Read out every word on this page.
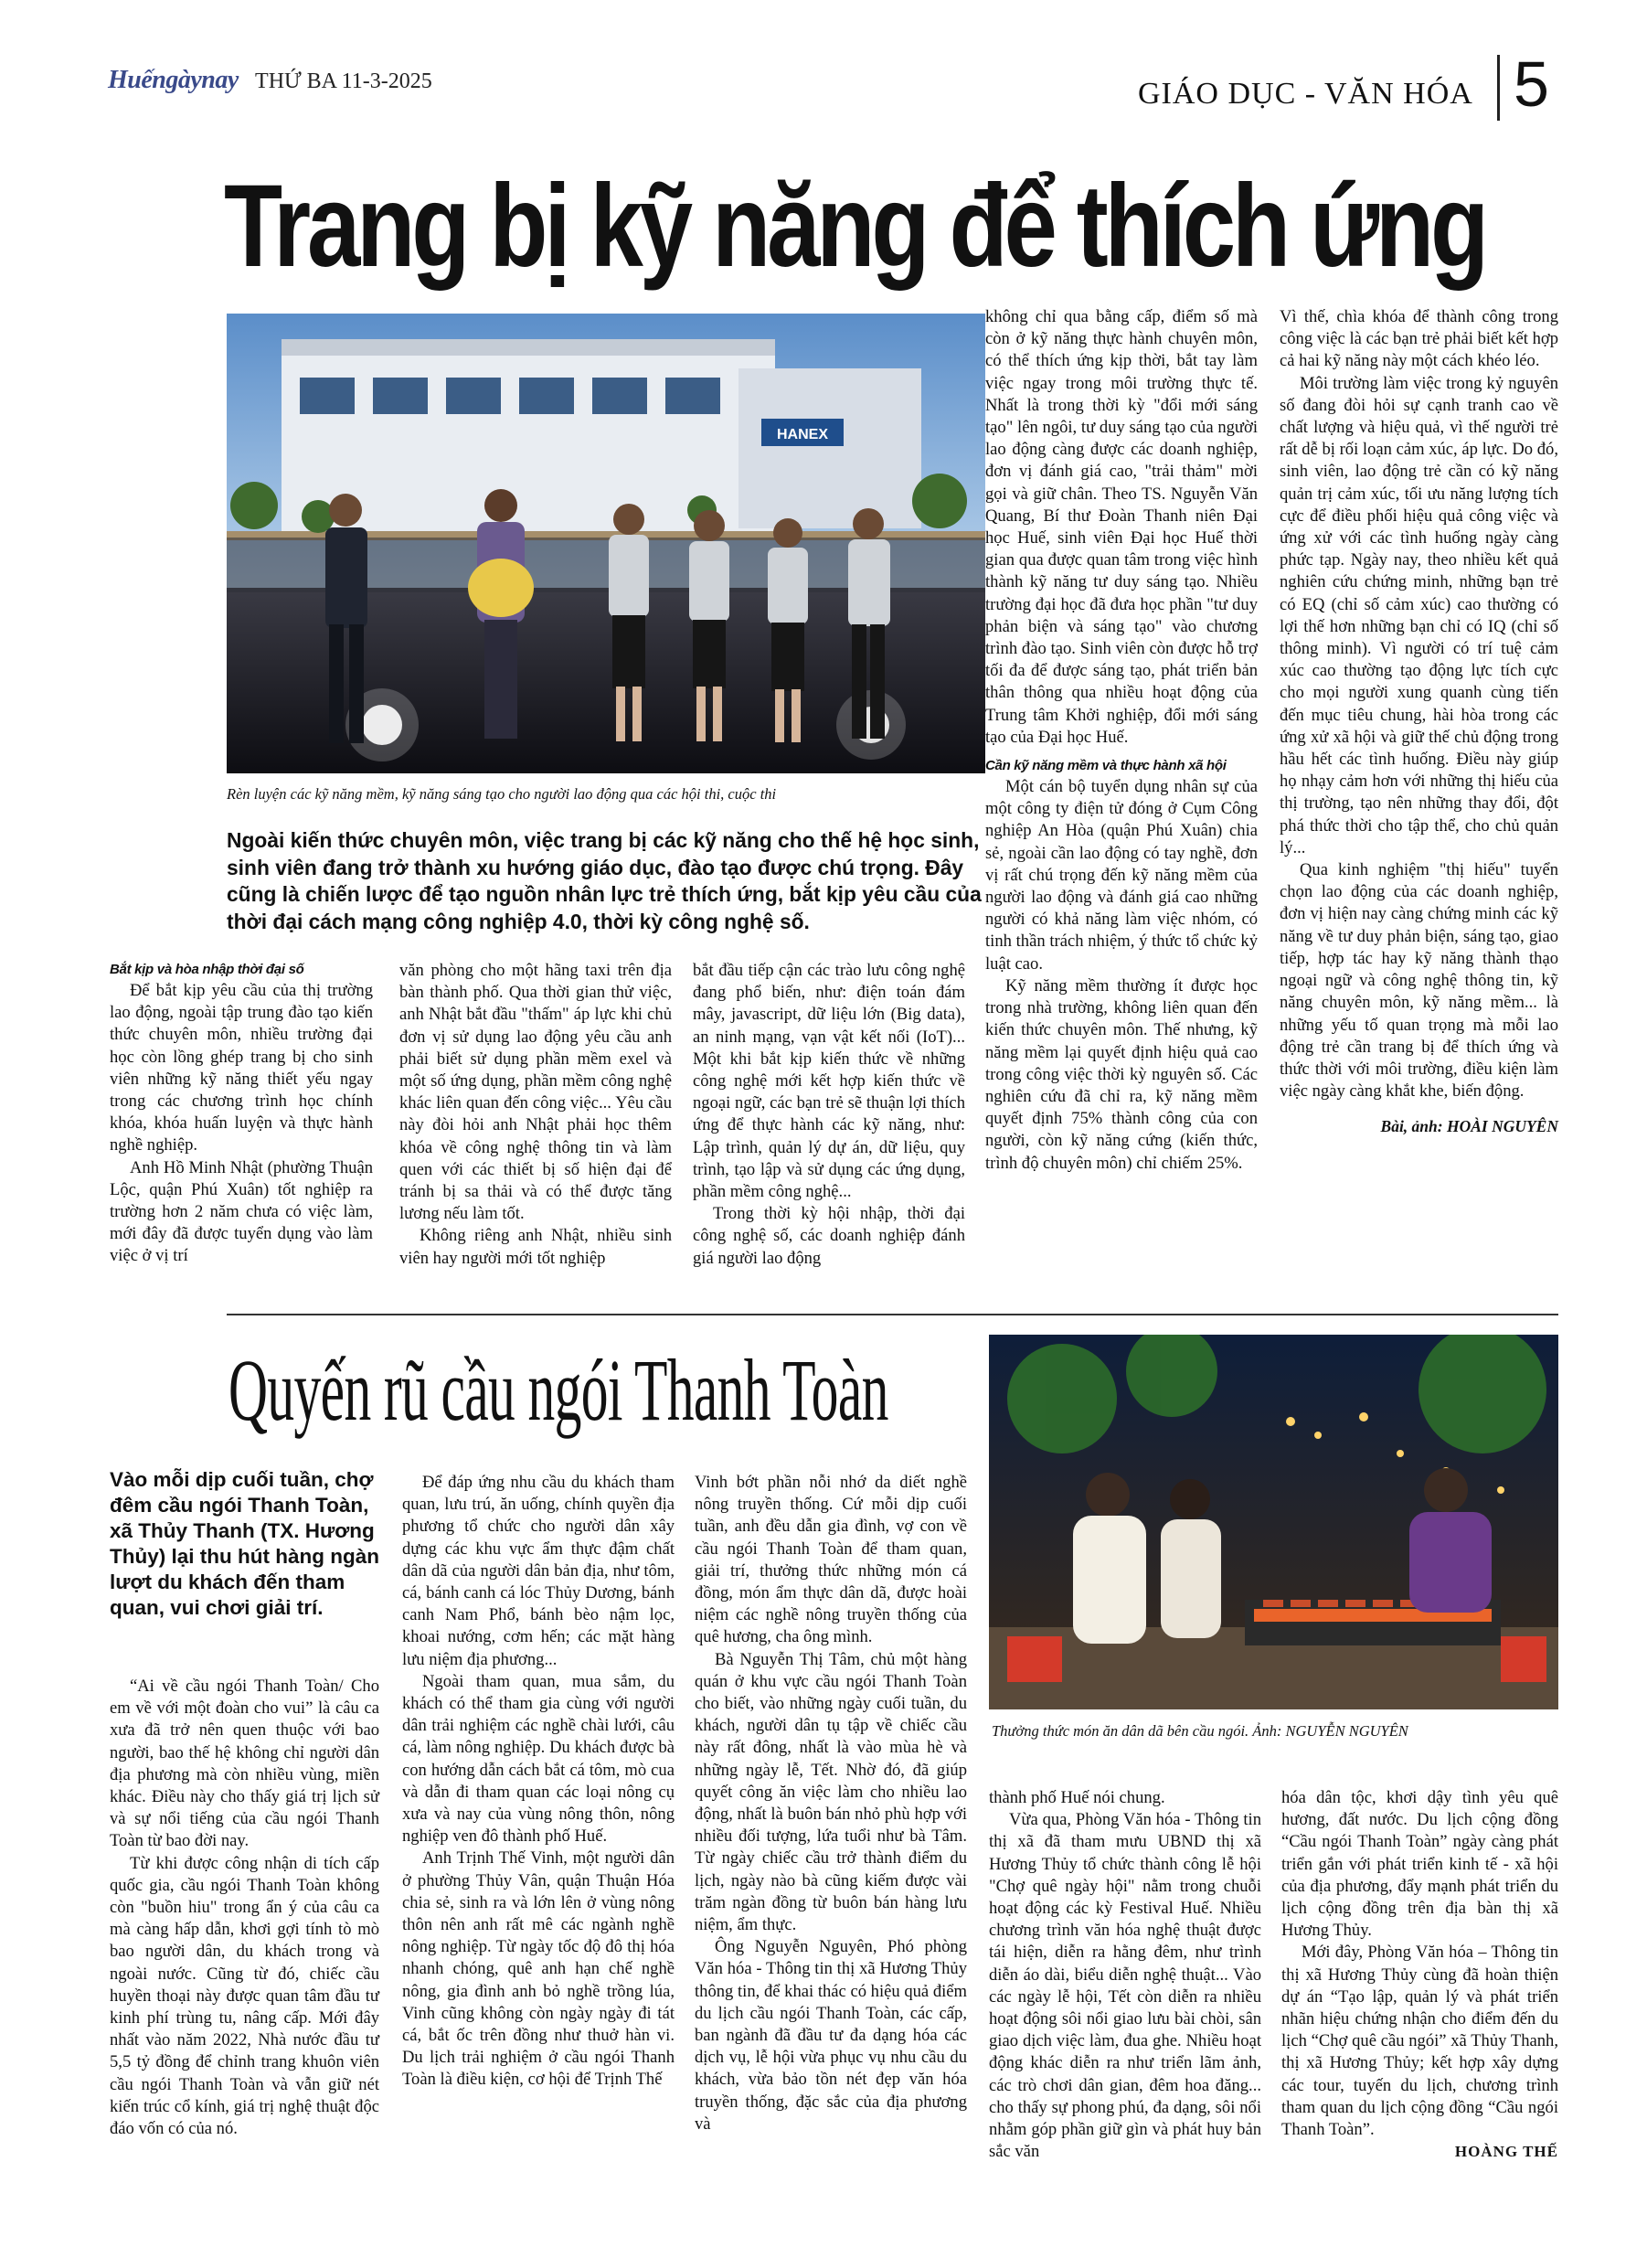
Huếngàynay THỨ BA 11-3-2025	GIÁO DỤC - VĂN HÓA 5
Trang bị kỹ năng để thích ứng
HANEX
Rèn luyện các kỹ năng mềm, kỹ năng sáng tạo cho người lao động qua các hội thi, cuộc thi
Ngoài kiến thức chuyên môn, việc trang bị các kỹ năng cho thế hệ học sinh, sinh viên đang trở thành xu hướng giáo dục, đào tạo được chú trọng. Đây cũng là chiến lược để tạo nguồn nhân lực trẻ thích ứng, bắt kịp yêu cầu của thời đại cách mạng công nghiệp 4.0, thời kỳ công nghệ số.

Bắt kịp và hòa nhập thời đại số

Để bắt kịp yêu cầu của thị trường lao động, ngoài tập trung đào tạo kiến thức chuyên môn, nhiều trường đại học còn lồng ghép trang bị cho sinh viên những kỹ năng thiết yếu ngay trong các chương trình học chính khóa, khóa huấn luyện và thực hành nghề nghiệp.

Anh Hồ Minh Nhật (phường Thuận Lộc, quận Phú Xuân) tốt nghiệp ra trường hơn 2 năm chưa có việc làm, mới đây đã được tuyển dụng vào làm việc ở vị trí

văn phòng cho một hãng taxi trên địa bàn thành phố. Qua thời gian thử việc, anh Nhật bắt đầu "thấm" áp lực khi chủ đơn vị sử dụng lao động yêu cầu anh phải biết sử dụng phần mềm exel và một số ứng dụng, phần mềm công nghệ khác liên quan đến công việc... Yêu cầu này đòi hỏi anh Nhật phải học thêm khóa về công nghệ thông tin và làm quen với các thiết bị số hiện đại để tránh bị sa thải và có thể được tăng lương nếu làm tốt.

Không riêng anh Nhật, nhiều sinh viên hay người mới tốt nghiệp

bắt đầu tiếp cận các trào lưu công nghệ đang phổ biến, như: điện toán đám mây, javascript, dữ liệu lớn (Big data), an ninh mạng, vạn vật kết nối (IoT)... Một khi bắt kịp kiến thức về những công nghệ mới kết hợp kiến thức về ngoại ngữ, các bạn trẻ sẽ thuận lợi thích ứng để thực hành các kỹ năng, như: Lập trình, quản lý dự án, dữ liệu, quy trình, tạo lập và sử dụng các ứng dụng, phần mềm công nghệ...

Trong thời kỳ hội nhập, thời đại công nghệ số, các doanh nghiệp đánh giá người lao động

không chỉ qua bằng cấp, điểm số mà còn ở kỹ năng thực hành chuyên môn, có thể thích ứng kịp thời, bắt tay làm việc ngay trong môi trường thực tế. Nhất là trong thời kỳ "đổi mới sáng tạo" lên ngôi, tư duy sáng tạo của người lao động càng được các doanh nghiệp, đơn vị đánh giá cao, "trải thảm" mời gọi và giữ chân. Theo TS. Nguyễn Văn Quang, Bí thư Đoàn Thanh niên Đại học Huế, sinh viên Đại học Huế thời gian qua được quan tâm trong việc hình thành kỹ năng tư duy sáng tạo. Nhiều trường đại học đã đưa học phần "tư duy phản biện và sáng tạo" vào chương trình đào tạo. Sinh viên còn được hỗ trợ tối đa để được sáng tạo, phát triển bản thân thông qua nhiều hoạt động của Trung tâm Khởi nghiệp, đổi mới sáng tạo của Đại học Huế.

Cần kỹ năng mềm và thực hành xã hội

Một cán bộ tuyển dụng nhân sự của một công ty điện tử đóng ở Cụm Công nghiệp An Hòa (quận Phú Xuân) chia sẻ, ngoài cần lao động có tay nghề, đơn vị rất chú trọng đến kỹ năng mềm của người lao động và đánh giá cao những người có khả năng làm việc nhóm, có tinh thần trách nhiệm, ý thức tổ chức kỷ luật cao.

Kỹ năng mềm thường ít được học trong nhà trường, không liên quan đến kiến thức chuyên môn. Thế nhưng, kỹ năng mềm lại quyết định hiệu quả cao trong công việc thời kỳ nguyên số. Các nghiên cứu đã chỉ ra, kỹ năng mềm quyết định 75% thành công của con người, còn kỹ năng cứng (kiến thức, trình độ chuyên môn) chỉ chiếm 25%.

Vì thế, chìa khóa để thành công trong công việc là các bạn trẻ phải biết kết hợp cả hai kỹ năng này một cách khéo léo.

Môi trường làm việc trong kỷ nguyên số đang đòi hỏi sự cạnh tranh cao về chất lượng và hiệu quả, vì thế người trẻ rất dễ bị rối loạn cảm xúc, áp lực. Do đó, sinh viên, lao động trẻ cần có kỹ năng quản trị cảm xúc, tối ưu năng lượng tích cực để điều phối hiệu quả công việc và ứng xử với các tình huống ngày càng phức tạp. Ngày nay, theo nhiều kết quả nghiên cứu chứng minh, những bạn trẻ có EQ (chỉ số cảm xúc) cao thường có lợi thế hơn những bạn chỉ có IQ (chỉ số thông minh). Vì người có trí tuệ cảm xúc cao thường tạo động lực tích cực cho mọi người xung quanh cùng tiến đến mục tiêu chung, hài hòa trong các ứng xử xã hội và giữ thế chủ động trong hầu hết các tình huống. Điều này giúp họ nhạy cảm hơn với những thị hiếu của thị trường, tạo nên những thay đổi, đột phá thức thời cho tập thể, cho chủ quản lý...

Qua kinh nghiệm "thị hiếu" tuyển chọn lao động của các doanh nghiệp, đơn vị hiện nay càng chứng minh các kỹ năng về tư duy phản biện, sáng tạo, giao tiếp, hợp tác hay kỹ năng thành thạo ngoại ngữ và công nghệ thông tin, kỹ năng chuyên môn, kỹ năng mềm... là những yếu tố quan trọng mà mỗi lao động trẻ cần trang bị để thích ứng và thức thời với môi trường, điều kiện làm việc ngày càng khắt khe, biến động.

Bài, ảnh: HOÀI NGUYÊN

Quyến rũ cầu ngói Thanh Toàn
Thưởng thức món ăn dân dã bên cầu ngói. Ảnh: NGUYỄN NGUYÊN
Vào mỗi dịp cuối tuần, chợ đêm cầu ngói Thanh Toàn, xã Thủy Thanh (TX. Hương Thủy) lại thu hút hàng ngàn lượt du khách đến tham quan, vui chơi giải trí.

“Ai về cầu ngói Thanh Toàn/ Cho em về với một đoàn cho vui” là câu ca xưa đã trở nên quen thuộc với bao người, bao thế hệ không chỉ người dân địa phương mà còn nhiều vùng, miền khác. Điều này cho thấy giá trị lịch sử và sự nổi tiếng của cầu ngói Thanh Toàn từ bao đời nay.

Từ khi được công nhận di tích cấp quốc gia, cầu ngói Thanh Toàn không còn "buồn hiu" trong ẩn ý của câu ca mà càng hấp dẫn, khơi gợi tính tò mò bao người dân, du khách trong và ngoài nước. Cũng từ đó, chiếc cầu huyền thoại này được quan tâm đầu tư kinh phí trùng tu, nâng cấp. Mới đây nhất vào năm 2022, Nhà nước đầu tư 5,5 tỷ đồng để chỉnh trang khuôn viên cầu ngói Thanh Toàn và vẫn giữ nét kiến trúc cổ kính, giá trị nghệ thuật độc đáo vốn có của nó.

Để đáp ứng nhu cầu du khách tham quan, lưu trú, ăn uống, chính quyền địa phương tổ chức cho người dân xây dựng các khu vực ẩm thực đậm chất dân dã của người dân bản địa, như tôm, cá, bánh canh cá lóc Thủy Dương, bánh canh Nam Phổ, bánh bèo nậm lọc, khoai nướng, cơm hến; các mặt hàng lưu niệm địa phương...

Ngoài tham quan, mua sắm, du khách có thể tham gia cùng với người dân trải nghiệm các nghề chài lưới, câu cá, làm nông nghiệp. Du khách được bà con hướng dẫn cách bắt cá tôm, mò cua và dẫn đi tham quan các loại nông cụ xưa và nay của vùng nông thôn, nông nghiệp ven đô thành phố Huế.

Anh Trịnh Thế Vinh, một người dân ở phường Thủy Vân, quận Thuận Hóa chia sẻ, sinh ra và lớn lên ở vùng nông thôn nên anh rất mê các ngành nghề nông nghiệp. Từ ngày tốc độ đô thị hóa nhanh chóng, quê anh hạn chế nghề nông, gia đình anh bỏ nghề trồng lúa, Vinh cũng không còn ngày ngày đi tát cá, bắt ốc trên đồng như thuở hàn vi. Du lịch trải nghiệm ở cầu ngói Thanh Toàn là điều kiện, cơ hội để Trịnh Thế

Vinh bớt phần nỗi nhớ da diết nghề nông truyền thống. Cứ mỗi dịp cuối tuần, anh đều dẫn gia đình, vợ con về cầu ngói Thanh Toàn để tham quan, giải trí, thưởng thức những món cá đồng, món ẩm thực dân dã, được hoài niệm các nghề nông truyền thống của quê hương, cha ông mình.

Bà Nguyễn Thị Tâm, chủ một hàng quán ở khu vực cầu ngói Thanh Toàn cho biết, vào những ngày cuối tuần, du khách, người dân tụ tập về chiếc cầu này rất đông, nhất là vào mùa hè và những ngày lễ, Tết. Nhờ đó, đã giúp quyết công ăn việc làm cho nhiều lao động, nhất là buôn bán nhỏ phù hợp với nhiều đối tượng, lứa tuổi như bà Tâm. Từ ngày chiếc cầu trở thành điểm du lịch, ngày nào bà cũng kiếm được vài trăm ngàn đồng từ buôn bán hàng lưu niệm, ẩm thực.

Ông Nguyễn Nguyên, Phó phòng Văn hóa - Thông tin thị xã Hương Thủy thông tin, để khai thác có hiệu quả điểm du lịch cầu ngói Thanh Toàn, các cấp, ban ngành đã đầu tư đa dạng hóa các dịch vụ, lễ hội vừa phục vụ nhu cầu du khách, vừa bảo tồn nét đẹp văn hóa truyền thống, đặc sắc của địa phương và

thành phố Huế nói chung.

Vừa qua, Phòng Văn hóa - Thông tin thị xã đã tham mưu UBND thị xã Hương Thủy tổ chức thành công lễ hội "Chợ quê ngày hội" nằm trong chuỗi hoạt động các kỳ Festival Huế. Nhiều chương trình văn hóa nghệ thuật được tái hiện, diễn ra hằng đêm, như trình diễn áo dài, biểu diễn nghệ thuật... Vào các ngày lễ hội, Tết còn diễn ra nhiều hoạt động sôi nổi giao lưu bài chòi, sân giao dịch việc làm, đua ghe. Nhiều hoạt động khác diễn ra như triển lãm ảnh, các trò chơi dân gian, đêm hoa đăng... cho thấy sự phong phú, đa dạng, sôi nổi nhằm góp phần giữ gìn và phát huy bản sắc văn

hóa dân tộc, khơi dậy tình yêu quê hương, đất nước. Du lịch cộng đồng “Cầu ngói Thanh Toàn” ngày càng phát triển gắn với phát triển kinh tế - xã hội của địa phương, đẩy mạnh phát triển du lịch cộng đồng trên địa bàn thị xã Hương Thủy.

Mới đây, Phòng Văn hóa – Thông tin thị xã Hương Thủy cùng đã hoàn thiện dự án “Tạo lập, quản lý và phát triển nhãn hiệu chứng nhận cho điểm đến du lịch “Chợ quê cầu ngói” xã Thủy Thanh, thị xã Hương Thủy; kết hợp xây dựng các tour, tuyến du lịch, chương trình tham quan du lịch cộng đồng “Cầu ngói Thanh Toàn”.

HOÀNG THẾ
